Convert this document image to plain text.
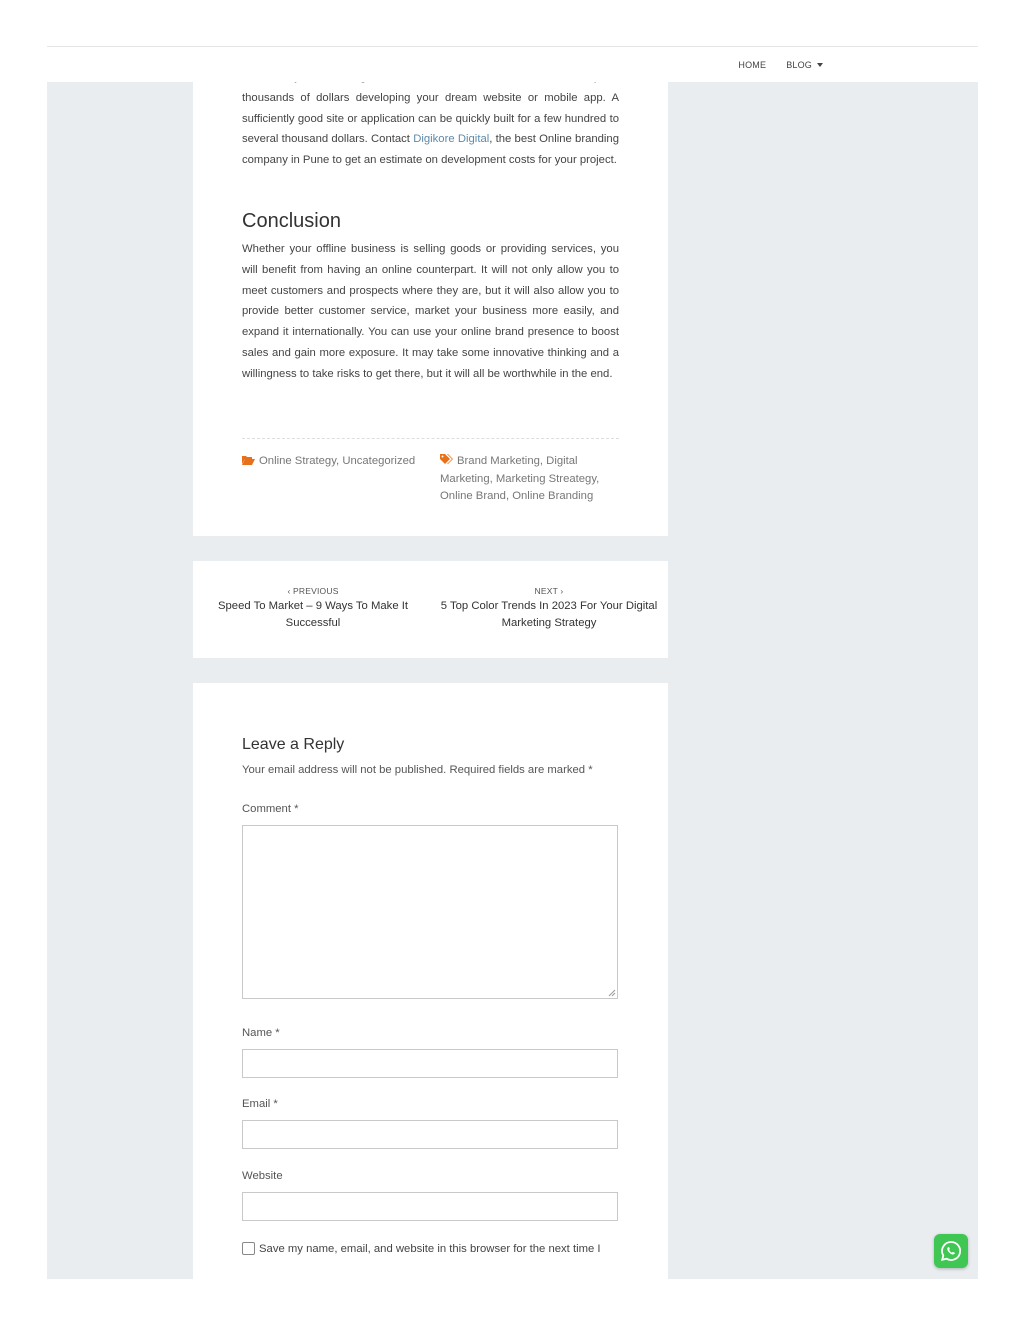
HOME BLOG

thousands of dollars developing your dream website or mobile app. A sufficiently good site or application can be quickly built for a few hundred to several thousand dollars. Contact Digikore Digital, the best Online branding company in Pune to get an estimate on development costs for your project.

Conclusion

Whether your offline business is selling goods or providing services, you will benefit from having an online counterpart. It will not only allow you to meet customers and prospects where they are, but it will also allow you to provide better customer service, market your business more easily, and expand it internationally. You can use your online brand presence to boost sales and gain more exposure. It may take some innovative thinking and a willingness to take risks to get there, but it will all be worthwhile in the end.

Online Strategy, Uncategorized	Brand Marketing, Digital Marketing, Marketing Streategy, Online Brand, Online Branding
‹ PREVIOUS
Speed To Market – 9 Ways To Make It Successful
NEXT ›
5 Top Color Trends In 2023 For Your Digital Marketing Strategy
Leave a Reply
Your email address will not be published. Required fields are marked *
Comment *
Name *
Email *
Website
Save my name, email, and website in this browser for the next time I
